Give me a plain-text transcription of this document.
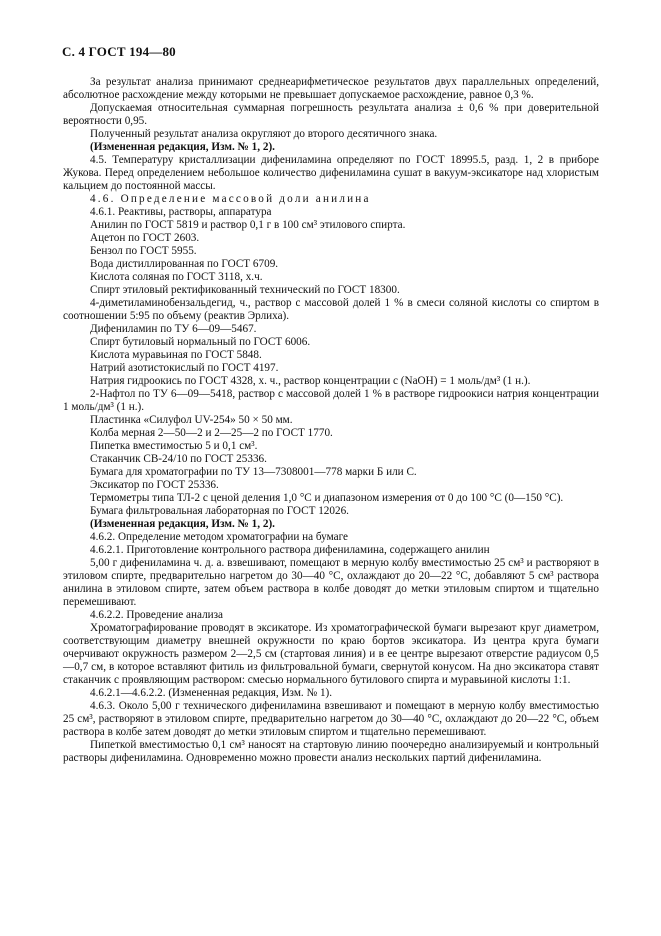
С. 4 ГОСТ 194—80

За результат анализа принимают среднеарифметическое результатов двух параллельных определений, абсолютное расхождение между которыми не превышает допускаемое расхождение, равное 0,3 %.

Допускаемая относительная суммарная погрешность результата анализа ± 0,6 % при доверительной вероятности 0,95.

Полученный результат анализа округляют до второго десятичного знака.

(Измененная редакция, Изм. № 1, 2).

4.5. Температуру кристаллизации дифениламина определяют по ГОСТ 18995.5, разд. 1, 2 в приборе Жукова. Перед определением небольшое количество дифениламина сушат в вакуум-эксикаторе над хлористым кальцием до постоянной массы.

4.6. Определение массовой доли анилина

4.6.1. Реактивы, растворы, аппаратура

Анилин по ГОСТ 5819 и раствор 0,1 г в 100 см³ этилового спирта.

Ацетон по ГОСТ 2603.

Бензол по ГОСТ 5955.

Вода дистиллированная по ГОСТ 6709.

Кислота соляная по ГОСТ 3118, х.ч.

Спирт этиловый ректификованный технический по ГОСТ 18300.

4-диметиламинобензальдегид, ч., раствор с массовой долей 1 % в смеси соляной кислоты со спиртом в соотношении 5:95 по объему (реактив Эрлиха).

Дифениламин по ТУ 6—09—5467.

Спирт бутиловый нормальный по ГОСТ 6006.

Кислота муравьиная по ГОСТ 5848.

Натрий азотистокислый по ГОСТ 4197.

Натрия гидроокись по ГОСТ 4328, х. ч., раствор концентрации c (NaOH) = 1 моль/дм³ (1 н.).

2-Нафтол по ТУ 6—09—5418, раствор с массовой долей 1 % в растворе гидроокиси натрия концентрации 1 моль/дм³ (1 н.).

Пластинка «Силуфол UV-254» 50 × 50 мм.

Колба мерная 2—50—2 и 2—25—2 по ГОСТ 1770.

Пипетка вместимостью 5 и 0,1 см³.

Стаканчик СВ-24/10 по ГОСТ 25336.

Бумага для хроматографии по ТУ 13—7308001—778 марки Б или С.

Эксикатор по ГОСТ 25336.

Термометры типа ТЛ-2 с ценой деления 1,0 °С и диапазоном измерения от 0 до 100 °С (0—150 °С).

Бумага фильтровальная лабораторная по ГОСТ 12026.

(Измененная редакция, Изм. № 1, 2).

4.6.2. Определение методом хроматографии на бумаге

4.6.2.1. Приготовление контрольного раствора дифениламина, содержащего анилин

5,00 г дифениламина ч. д. а. взвешивают, помещают в мерную колбу вместимостью 25 см³ и растворяют в этиловом спирте, предварительно нагретом до 30—40 °С, охлаждают до 20—22 °С, добавляют 5 см³ раствора анилина в этиловом спирте, затем объем раствора в колбе доводят до метки этиловым спиртом и тщательно перемешивают.

4.6.2.2. Проведение анализа

Хроматографирование проводят в эксикаторе. Из хроматографической бумаги вырезают круг диаметром, соответствующим диаметру внешней окружности по краю бортов эксикатора. Из центра круга бумаги очерчивают окружность размером 2—2,5 см (стартовая линия) и в ее центре вырезают отверстие радиусом 0,5—0,7 см, в которое вставляют фитиль из фильтровальной бумаги, свернутой конусом. На дно эксикатора ставят стаканчик с проявляющим раствором: смесью нормального бутилового спирта и муравьиной кислоты 1:1.

4.6.2.1—4.6.2.2. (Измененная редакция, Изм. № 1).

4.6.3. Около 5,00 г технического дифениламина взвешивают и помещают в мерную колбу вместимостью 25 см³, растворяют в этиловом спирте, предварительно нагретом до 30—40 °С, охлаждают до 20—22 °С, объем раствора в колбе затем доводят до метки этиловым спиртом и тщательно перемешивают.

Пипеткой вместимостью 0,1 см³ наносят на стартовую линию поочередно анализируемый и контрольный растворы дифениламина. Одновременно можно провести анализ нескольких партий дифениламина.
